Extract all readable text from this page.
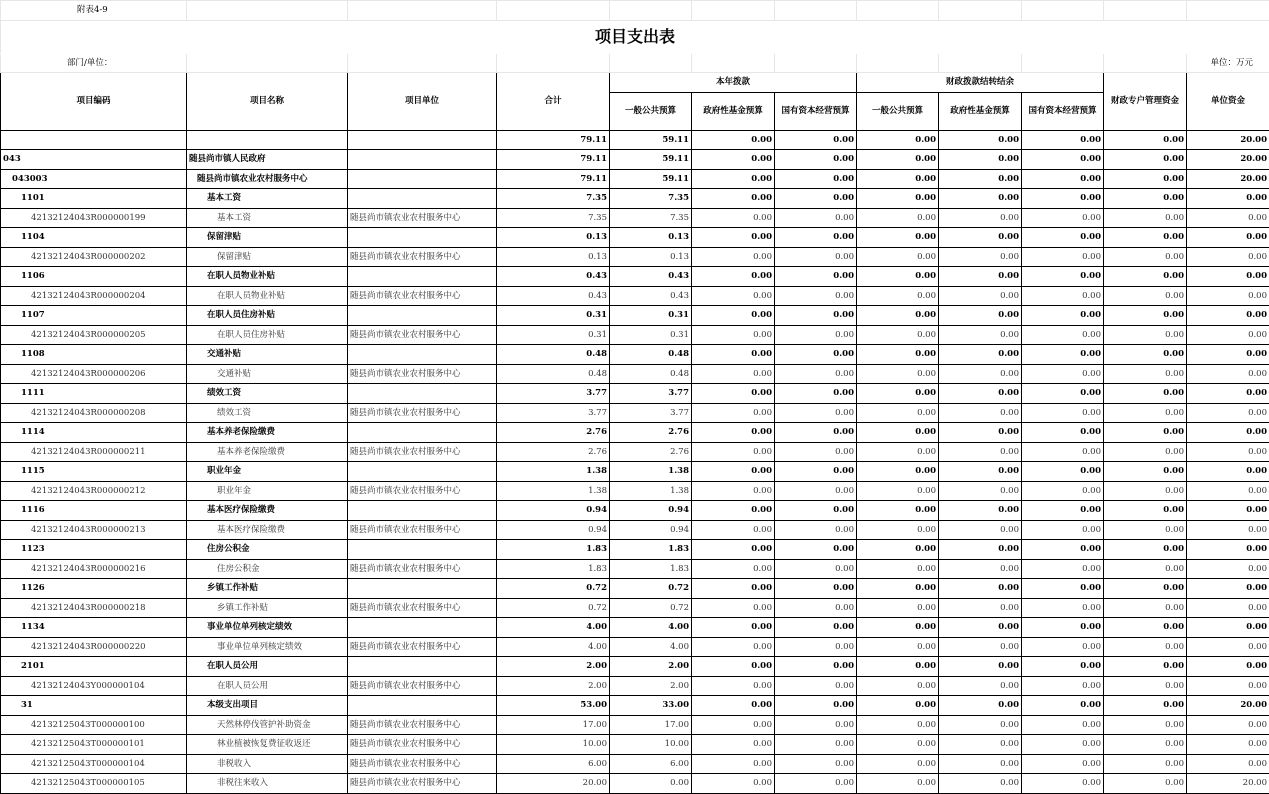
附表4-9											
项目支出表											
部门/单位：											单位：万元
项目编码	项目名称	项目单位	合计	本年拨款			财政拨款结转结余			财政专户管理资金	单位资金
				一般公共预算	政府性基金预算	国有资本经营预算	一般公共预算	政府性基金预算	国有资本经营预算		
			79.11	59.11	0.00	0.00	0.00	0.00	0.00	0.00	20.00
043	随县尚市镇人民政府		79.11	59.11	0.00	0.00	0.00	0.00	0.00	0.00	20.00
043003	随县尚市镇农业农村服务中心		79.11	59.11	0.00	0.00	0.00	0.00	0.00	0.00	20.00
1101	基本工资		7.35	7.35	0.00	0.00	0.00	0.00	0.00	0.00	0.00
42132124043R000000199	基本工资	随县尚市镇农业农村服务中心	7.35	7.35	0.00	0.00	0.00	0.00	0.00	0.00	0.00
1104	保留津贴		0.13	0.13	0.00	0.00	0.00	0.00	0.00	0.00	0.00
42132124043R000000202	保留津贴	随县尚市镇农业农村服务中心	0.13	0.13	0.00	0.00	0.00	0.00	0.00	0.00	0.00
1106	在职人员物业补贴		0.43	0.43	0.00	0.00	0.00	0.00	0.00	0.00	0.00
42132124043R000000204	在职人员物业补贴	随县尚市镇农业农村服务中心	0.43	0.43	0.00	0.00	0.00	0.00	0.00	0.00	0.00
1107	在职人员住房补贴		0.31	0.31	0.00	0.00	0.00	0.00	0.00	0.00	0.00
42132124043R000000205	在职人员住房补贴	随县尚市镇农业农村服务中心	0.31	0.31	0.00	0.00	0.00	0.00	0.00	0.00	0.00
1108	交通补贴		0.48	0.48	0.00	0.00	0.00	0.00	0.00	0.00	0.00
42132124043R000000206	交通补贴	随县尚市镇农业农村服务中心	0.48	0.48	0.00	0.00	0.00	0.00	0.00	0.00	0.00
1111	绩效工资		3.77	3.77	0.00	0.00	0.00	0.00	0.00	0.00	0.00
42132124043R000000208	绩效工资	随县尚市镇农业农村服务中心	3.77	3.77	0.00	0.00	0.00	0.00	0.00	0.00	0.00
1114	基本养老保险缴费		2.76	2.76	0.00	0.00	0.00	0.00	0.00	0.00	0.00
42132124043R000000211	基本养老保险缴费	随县尚市镇农业农村服务中心	2.76	2.76	0.00	0.00	0.00	0.00	0.00	0.00	0.00
1115	职业年金		1.38	1.38	0.00	0.00	0.00	0.00	0.00	0.00	0.00
42132124043R000000212	职业年金	随县尚市镇农业农村服务中心	1.38	1.38	0.00	0.00	0.00	0.00	0.00	0.00	0.00
1116	基本医疗保险缴费		0.94	0.94	0.00	0.00	0.00	0.00	0.00	0.00	0.00
42132124043R000000213	基本医疗保险缴费	随县尚市镇农业农村服务中心	0.94	0.94	0.00	0.00	0.00	0.00	0.00	0.00	0.00
1123	住房公积金		1.83	1.83	0.00	0.00	0.00	0.00	0.00	0.00	0.00
42132124043R000000216	住房公积金	随县尚市镇农业农村服务中心	1.83	1.83	0.00	0.00	0.00	0.00	0.00	0.00	0.00
1126	乡镇工作补贴		0.72	0.72	0.00	0.00	0.00	0.00	0.00	0.00	0.00
42132124043R000000218	乡镇工作补贴	随县尚市镇农业农村服务中心	0.72	0.72	0.00	0.00	0.00	0.00	0.00	0.00	0.00
1134	事业单位单列核定绩效		4.00	4.00	0.00	0.00	0.00	0.00	0.00	0.00	0.00
42132124043R000000220	事业单位单列核定绩效	随县尚市镇农业农村服务中心	4.00	4.00	0.00	0.00	0.00	0.00	0.00	0.00	0.00
2101	在职人员公用		2.00	2.00	0.00	0.00	0.00	0.00	0.00	0.00	0.00
42132124043Y000000104	在职人员公用	随县尚市镇农业农村服务中心	2.00	2.00	0.00	0.00	0.00	0.00	0.00	0.00	0.00
31	本级支出项目		53.00	33.00	0.00	0.00	0.00	0.00	0.00	0.00	20.00
42132125043T000000100	天然林停伐管护补助资金	随县尚市镇农业农村服务中心	17.00	17.00	0.00	0.00	0.00	0.00	0.00	0.00	0.00
42132125043T000000101	林业植被恢复费征收返还	随县尚市镇农业农村服务中心	10.00	10.00	0.00	0.00	0.00	0.00	0.00	0.00	0.00
42132125043T000000104	非税收入	随县尚市镇农业农村服务中心	6.00	6.00	0.00	0.00	0.00	0.00	0.00	0.00	0.00
42132125043T000000105	非税往来收入	随县尚市镇农业农村服务中心	20.00	0.00	0.00	0.00	0.00	0.00	0.00	0.00	20.00
